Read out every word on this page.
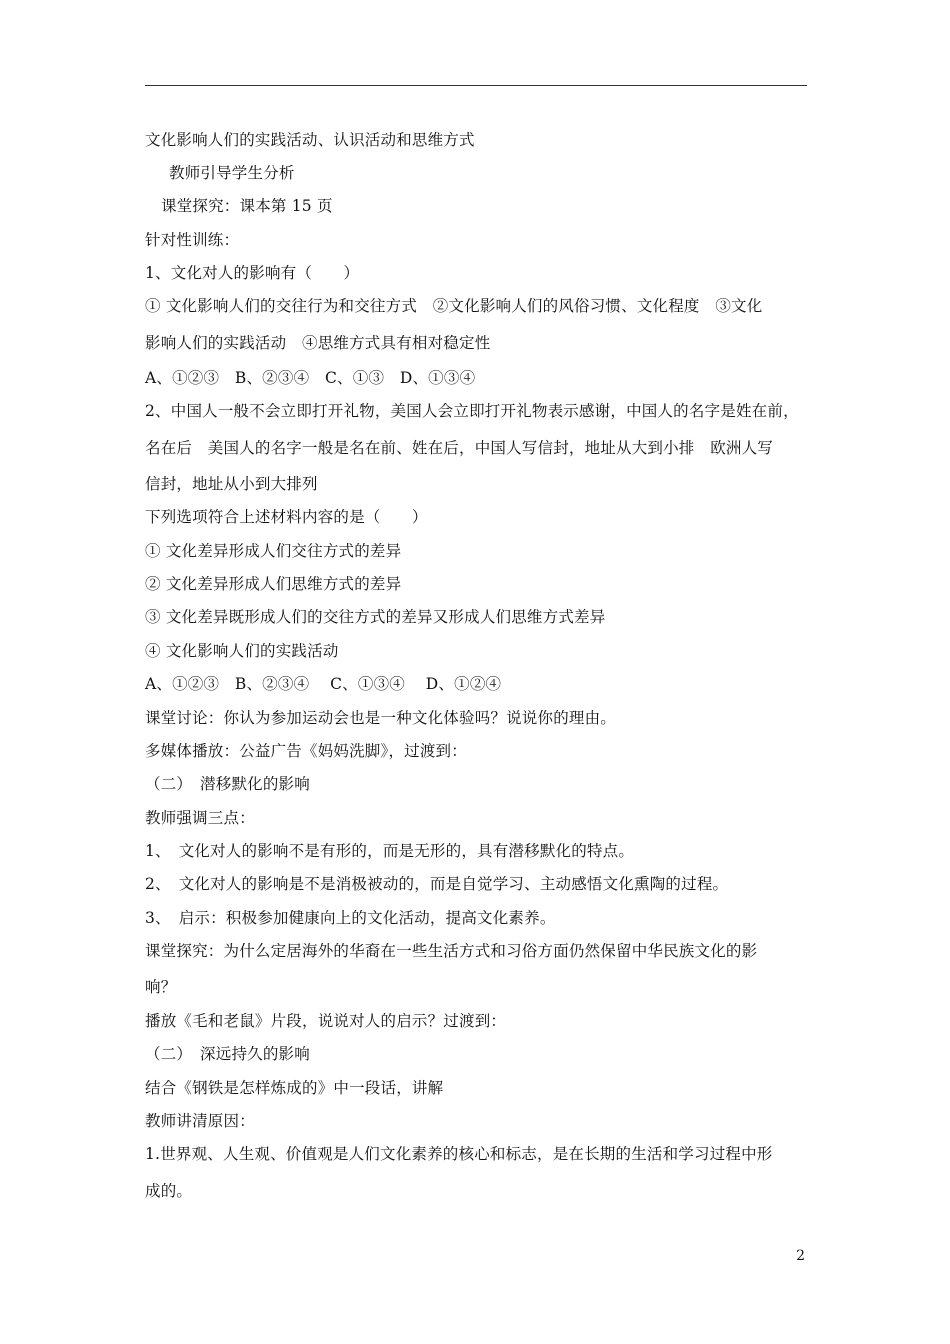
文化影响人们的实践活动、认识活动和思维方式
教师引导学生分析
课堂探究：课本第 15 页
针对性训练：
1、文化对人的影响有（　　）
① 文化影响人们的交往行为和交往方式　②文化影响人们的风俗习惯、文化程度　③文化
影响人们的实践活动　④思维方式具有相对稳定性
A、①②③　B、②③④　C、①③　D、①③④
2、中国人一般不会立即打开礼物，美国人会立即打开礼物表示感谢，中国人的名字是姓在前，
名在后　美国人的名字一般是名在前、姓在后，中国人写信封，地址从大到小排　欧洲人写
信封，地址从小到大排列
下列选项符合上述材料内容的是（　　）
① 文化差异形成人们交往方式的差异
② 文化差异形成人们思维方式的差异
③ 文化差异既形成人们的交往方式的差异又形成人们思维方式差异
④ 文化影响人们的实践活动
A、①②③　B、②③④　 C、①③④　 D、①②④
课堂讨论：你认为参加运动会也是一种文化体验吗？说说你的理由。
多媒体播放：公益广告《妈妈洗脚》，过渡到：
（二）　潜移默化的影响
教师强调三点：
1、　文化对人的影响不是有形的，而是无形的，具有潜移默化的特点。
2、　文化对人的影响是不是消极被动的，而是自觉学习、主动感悟文化熏陶的过程。
3、　启示：积极参加健康向上的文化活动，提高文化素养。
课堂探究：为什么定居海外的华裔在一些生活方式和习俗方面仍然保留中华民族文化的影
响？
播放《毛和老鼠》片段，说说对人的启示？过渡到：
（二）　深远持久的影响
结合《钢铁是怎样炼成的》中一段话，讲解
教师讲清原因：
1.世界观、人生观、价值观是人们文化素养的核心和标志，是在长期的生活和学习过程中形
成的。
2
